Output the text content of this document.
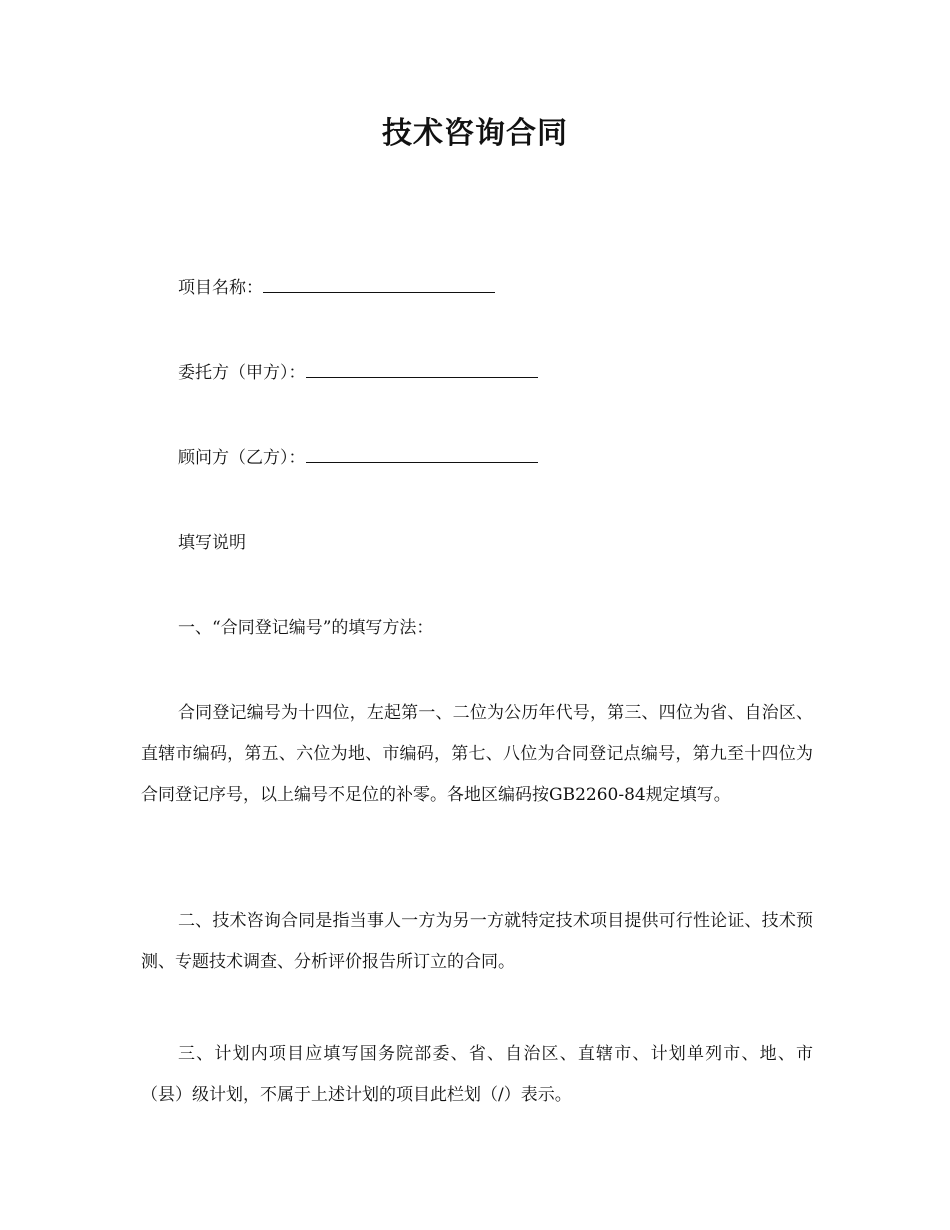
技术咨询合同
项目名称：
委托方（甲方）：
顾问方（乙方）：

填写说明

一、“合同登记编号”的填写方法：

合同登记编号为十四位，左起第一、二位为公历年代号，第三、四位为省、自治区、直辖市编码，第五、六位为地、市编码，第七、八位为合同登记点编号，第九至十四位为合同登记序号，以上编号不足位的补零。各地区编码按GB2260-84规定填写。

二、技术咨询合同是指当事人一方为另一方就特定技术项目提供可行性论证、技术预测、专题技术调查、分析评价报告所订立的合同。

三、计划内项目应填写国务院部委、省、自治区、直辖市、计划单列市、地、市（县）级计划，不属于上述计划的项目此栏划（/）表示。
